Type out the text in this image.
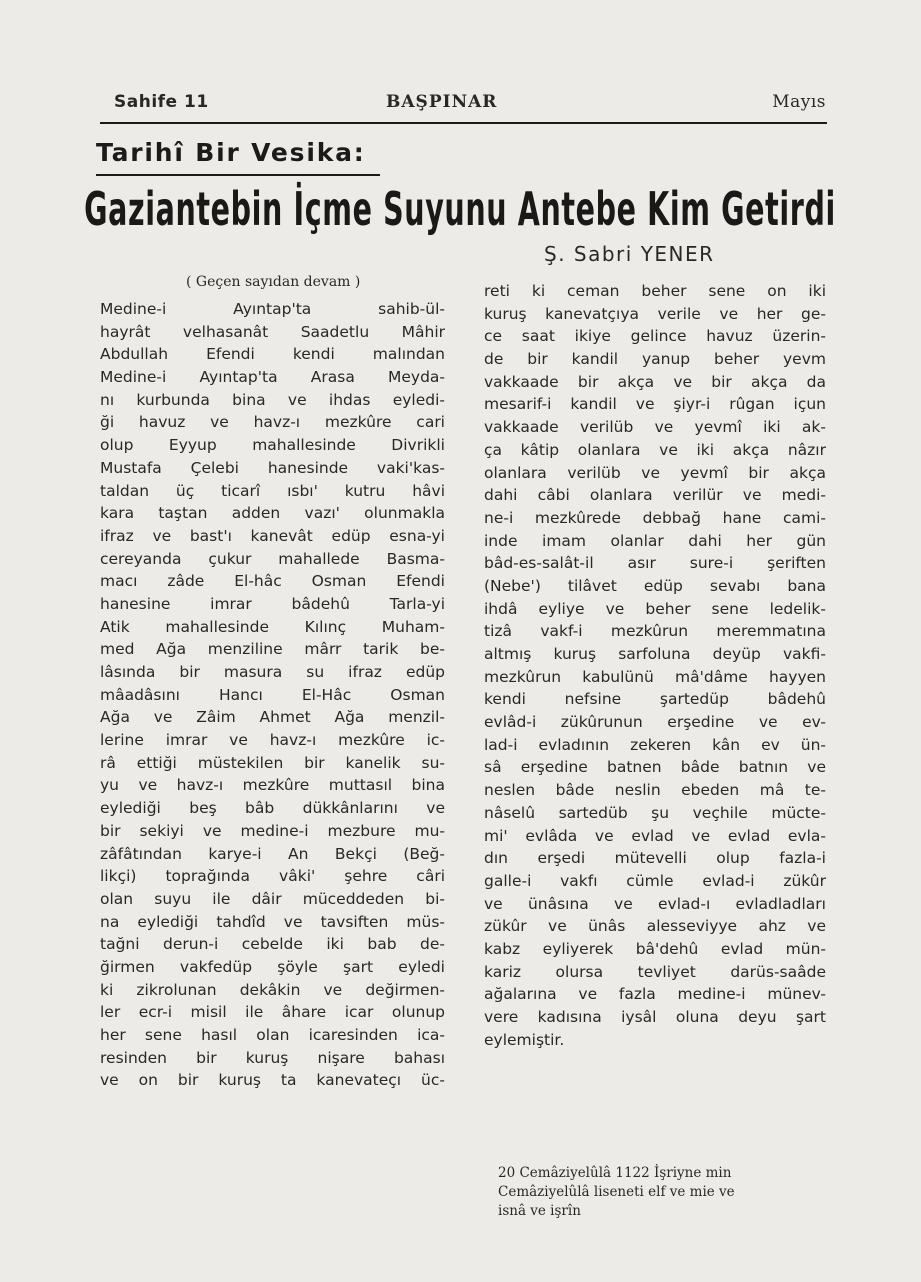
Sahife 11	BAŞPINAR	Mayıs
Tarihî Bir Vesika:
Gaziantebin İçme Suyunu Antebe Kim Getirdi
Ş. Sabri YENER
( Geçen sayıdan devam )
Medine-i Ayıntap'ta sahib-ül-
hayrât velhasanât Saadetlu Mâhir
Abdullah Efendi kendi malından
Medine-i Ayıntap'ta Arasa Meyda-
nı kurbunda bina ve ihdas eyledi-
ği havuz ve havz-ı mezkûre cari
olup Eyyup mahallesinde Divrikli
Mustafa Çelebi hanesinde vaki'kas-
taldan üç ticarî ısbı' kutru hâvi
kara taştan adden vazı' olunmakla
ifraz ve bast'ı kanevât edüp esna-yi
cereyanda çukur mahallede Basma-
macı zâde El-hâc Osman Efendi
hanesine imrar bâdehû Tarla-yi
Atik mahallesinde Kılınç Muham-
med Ağa menziline mârr tarik be-
lâsında bir masura su ifraz edüp
mâadâsını Hancı El-Hâc Osman
Ağa ve Zâim Ahmet Ağa menzil-
lerine imrar ve havz-ı mezkûre ic-
râ ettiği müstekilen bir kanelik su-
yu ve havz-ı mezkûre muttasıl bina
eylediği beş bâb dükkânlarını ve
bir sekiyi ve medine-i mezbure mu-
zâfâtından karye-i An Bekçi (Beğ-
likçi) toprağında vâki' şehre câri
olan suyu ile dâir müceddeden bi-
na eylediği tahdîd ve tavsiften müs-
tağni derun-i cebelde iki bab de-
ğirmen vakfedüp şöyle şart eyledi
ki zikrolunan dekâkin ve değirmen-
ler ecr-i misil ile âhare icar olunup
her sene hasıl olan icaresinden ica-
resinden bir kuruş nişare bahası
ve on bir kuruş ta kanevateçı üc-
reti ki ceman beher sene on iki
kuruş kanevatçıya verile ve her ge-
ce saat ikiye gelince havuz üzerin-
de bir kandil yanup beher yevm
vakkaade bir akça ve bir akça da
mesarif-i kandil ve şiyr-i rûgan içun
vakkaade verilüb ve yevmî iki ak-
ça kâtip olanlara ve iki akça nâzır
olanlara verilüb ve yevmî bir akça
dahi câbi olanlara verilür ve medi-
ne-i mezkûrede debbağ hane cami-
inde imam olanlar dahi her gün
bâd-es-salât-il asır sure-i şeriften
(Nebe') tilâvet edüp sevabı bana
ihdâ eyliye ve beher sene ledelik-
tizâ vakf-i mezkûrun meremmatına
altmış kuruş sarfoluna deyüp vakfi-
mezkûrun kabulünü mâ'dâme hayyen
kendi nefsine şartedüp bâdehû
evlâd-i zükûrunun erşedine ve ev-
lad-i evladının zekeren kân ev ün-
sâ erşedine batnen bâde batnın ve
neslen bâde neslin ebeden mâ te-
nâselû sartedüb şu veçhile mücte-
mi' evlâda ve evlad ve evlad evla-
dın erşedi mütevelli olup fazla-i
galle-i vakfı cümle evlad-i zükûr
ve ünâsına ve evlad-ı evladladları
zükûr ve ünâs alesseviyye ahz ve
kabz eyliyerek bâ'dehû evlad mün-
kariz olursa tevliyet darüs-saâde
ağalarına ve fazla medine-i münev-
vere kadısına iysâl oluna deyu şart
eylemiştir.
20 Cemâziyelûlâ 1122 İşriyne min
Cemâziyelûlâ liseneti elf ve mie ve
isnâ ve işrîn
